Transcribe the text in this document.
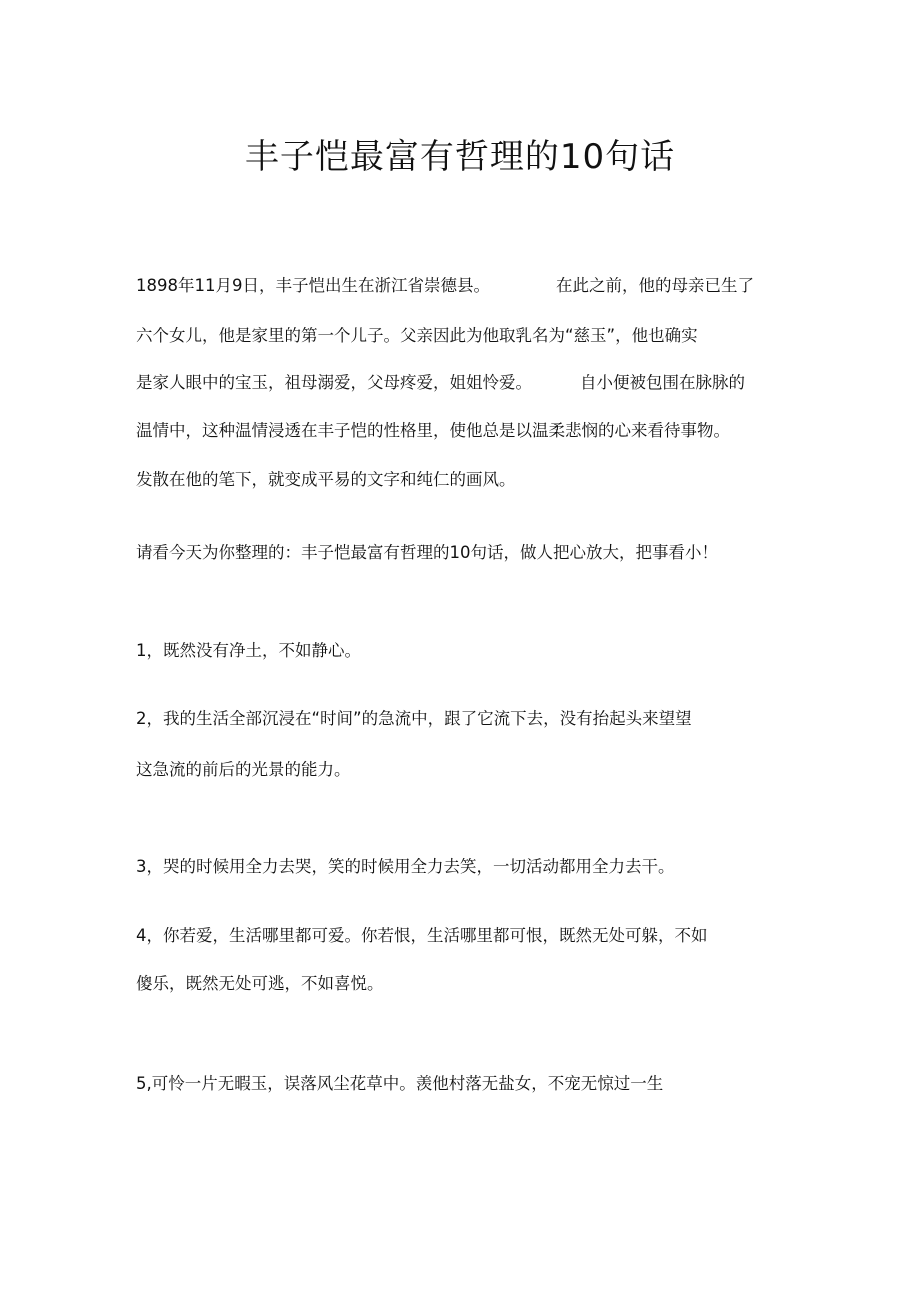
丰子恺最富有哲理的10句话
1898年11月9日，丰子恺出生在浙江省崇德县。	在此之前，他的母亲已生了
六个女儿，他是家里的第一个儿子。父亲因此为他取乳名为“慈玉”，他也确实
是家人眼中的宝玉，祖母溺爱，父母疼爱，姐姐怜爱。	自小便被包围在脉脉的
温情中，这种温情浸透在丰子恺的性格里，使他总是以温柔悲悯的心来看待事物。
发散在他的笔下，就变成平易的文字和纯仁的画风。
请看今天为你整理的：丰子恺最富有哲理的10句话，做人把心放大，把事看小！
1，既然没有净土，不如静心。
2，我的生活全部沉浸在“时间”的急流中，跟了它流下去，没有抬起头来望望
这急流的前后的光景的能力。
3，哭的时候用全力去哭，笑的时候用全力去笑，一切活动都用全力去干。
4，你若爱，生活哪里都可爱。你若恨，生活哪里都可恨，既然无处可躲，不如
傻乐，既然无处可逃，不如喜悦。
5,可怜一片无暇玉，误落风尘花草中。羡他村落无盐女，不宠无惊过一生
